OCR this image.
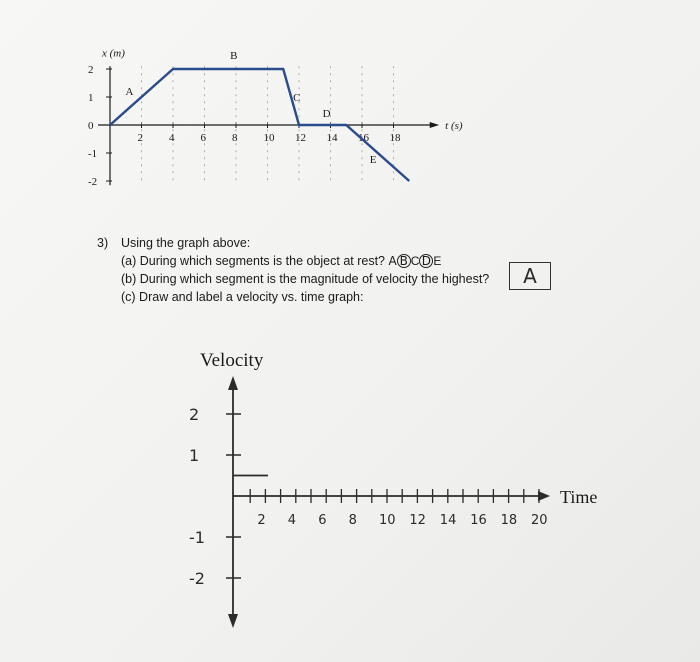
x (m)
t (s)
2 4 6 8 10 12 14 16 18
2
1
0
-1
-2
A
B
C
D
E
3) Using the graph above:
(a) During which segments is the object at rest? A B C D E
(b) During which segment is the magnitude of velocity the highest?	A
(c) Draw and label a velocity vs. time graph:
Velocity
Time
2 4 6 8 10 12 14 16 18 20
2
1
-1
-2
